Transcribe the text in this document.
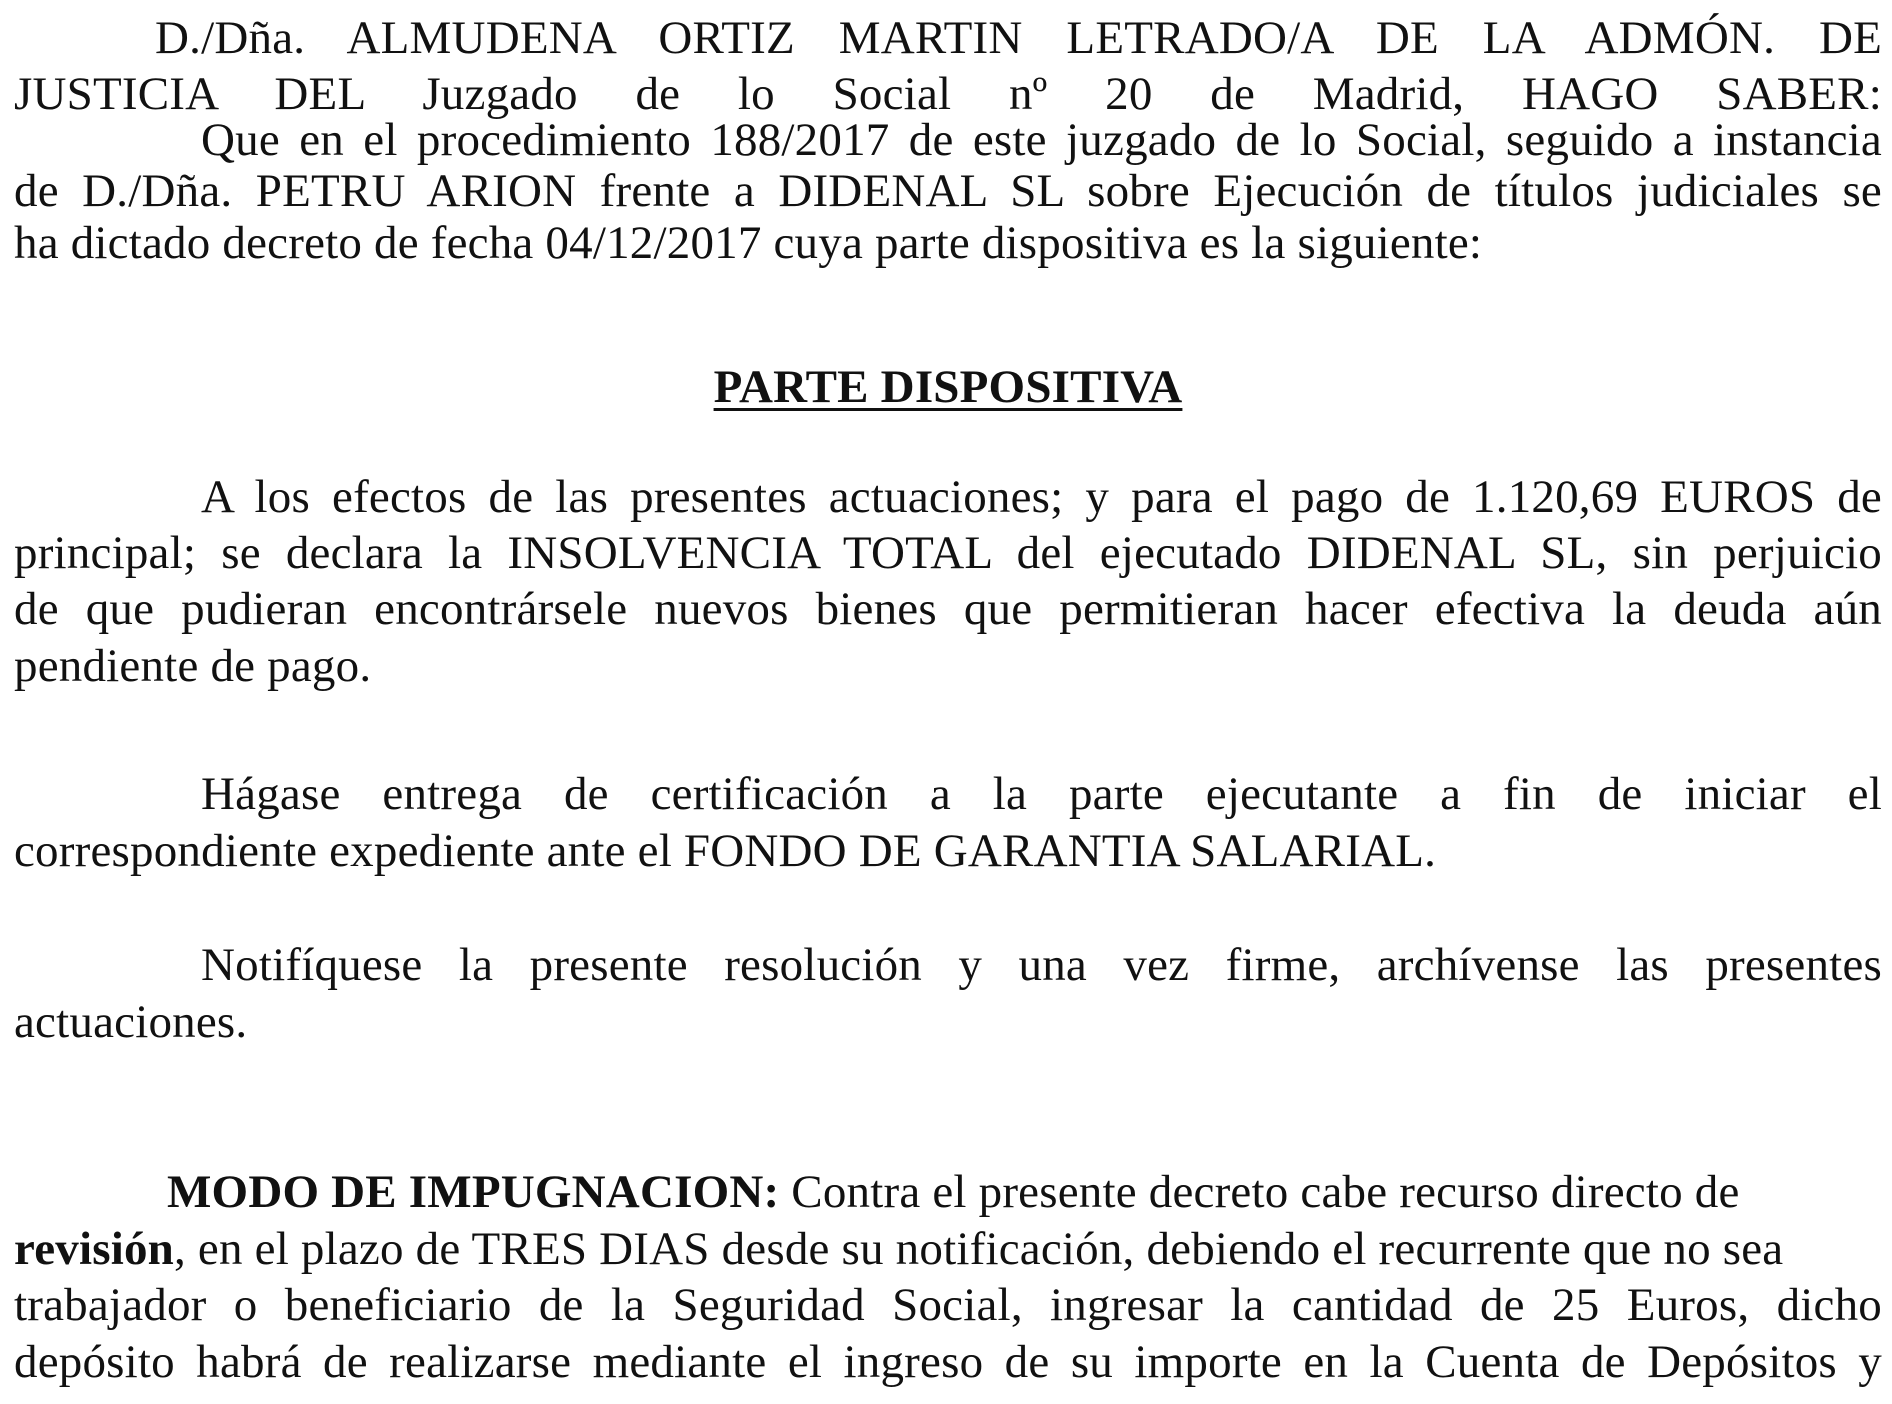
D./Dña. ALMUDENA ORTIZ MARTIN LETRADO/A DE LA ADMÓN. DE
JUSTICIA DEL Juzgado de lo Social nº 20 de Madrid, HAGO SABER:
Que en el procedimiento 188/2017 de este juzgado de lo Social, seguido a instancia
de D./Dña. PETRU ARION frente a DIDENAL SL sobre Ejecución de títulos judiciales se
ha dictado decreto de fecha 04/12/2017 cuya parte dispositiva es la siguiente:
PARTE DISPOSITIVA
A los efectos de las presentes actuaciones; y para el pago de 1.120,69 EUROS de
principal; se declara la INSOLVENCIA TOTAL del ejecutado DIDENAL SL, sin perjuicio
de que pudieran encontrársele nuevos bienes que permitieran hacer efectiva la deuda aún
pendiente de pago.
Hágase entrega de certificación a la parte ejecutante a fin de iniciar el
correspondiente expediente ante el FONDO DE GARANTIA SALARIAL.
Notifíquese la presente resolución y una vez firme, archívense las presentes
actuaciones.
MODO DE IMPUGNACION: Contra el presente decreto cabe recurso directo de
revisión, en el plazo de TRES DIAS desde su notificación, debiendo el recurrente que no sea
trabajador o beneficiario de la Seguridad Social, ingresar la cantidad de 25 Euros, dicho
depósito habrá de realizarse mediante el ingreso de su importe en la Cuenta de Depósitos y
